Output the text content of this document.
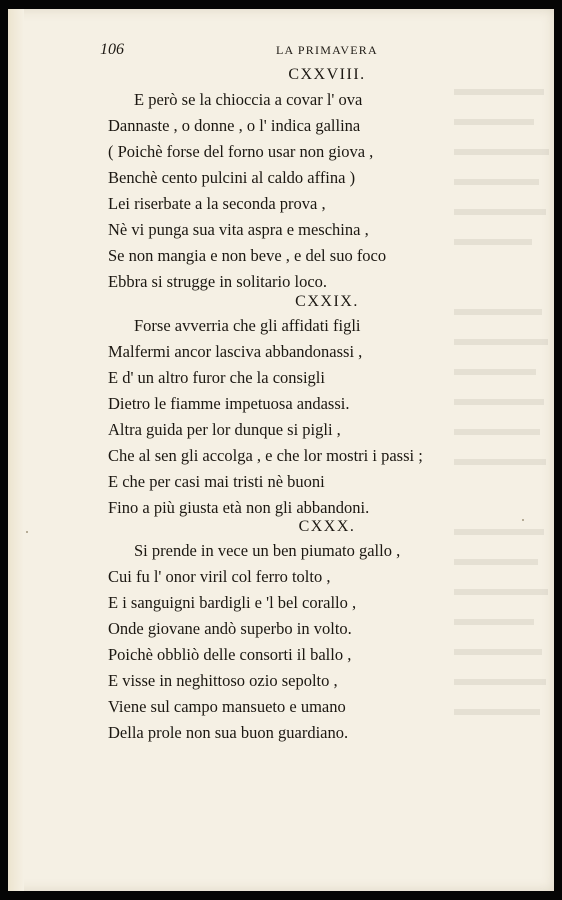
106	LA PRIMAVERA
CXXVIII.
E però se la chioccia a covar l' ova
Dannaste , o donne , o l' indica gallina
( Poichè forse del forno usar non giova ,
Benchè cento pulcini al caldo affina )
Lei riserbate a la seconda prova ,
Nè vi punga sua vita aspra e meschina ,
Se non mangia e non beve , e del suo foco
Ebbra si strugge in solitario loco.
CXXIX.
Forse avverria che gli affidati figli
Malfermi ancor lasciva abbandonassi ,
E d' un altro furor che la consigli
Dietro le fiamme impetuosa andassi.
Altra guida per lor dunque si pigli ,
Che al sen gli accolga , e che lor mostri i passi ;
E che per casi mai tristi nè buoni
Fino a più giusta età non gli abbandoni.
CXXX.
Si prende in vece un ben piumato gallo ,
Cui fu l' onor viril col ferro tolto ,
E i sanguigni bardigli e 'l bel corallo ,
Onde giovane andò superbo in volto.
Poichè obbliò delle consorti il ballo ,
E visse in neghittoso ozio sepolto ,
Viene sul campo mansueto e umano
Della prole non sua buon guardiano.
